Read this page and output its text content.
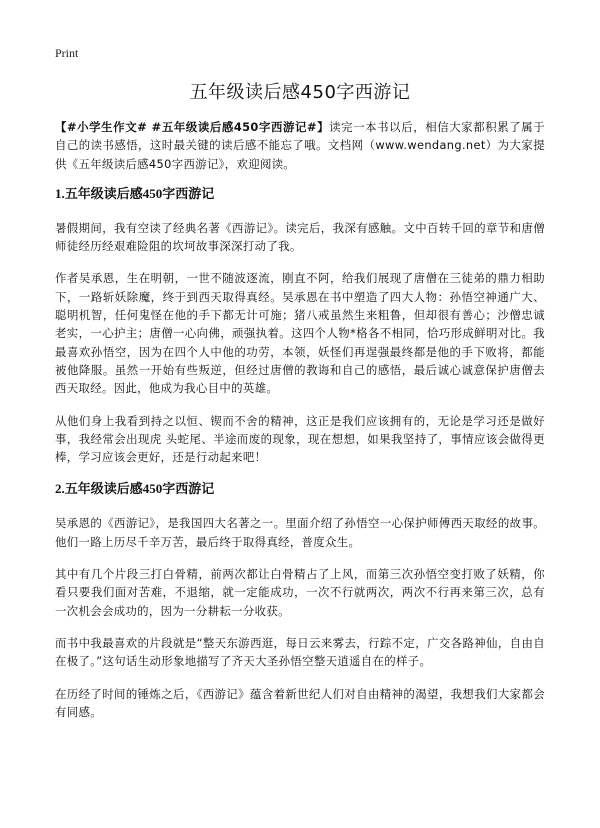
Print
五年级读后感450字西游记

【#小学生作文# #五年级读后感450字西游记#】读完一本书以后，相信大家都积累了属于自己的读书感悟，这时最关键的读后感不能忘了哦。文档网（www.wendang.net）为大家提供《五年级读后感450字西游记》，欢迎阅读。

1.五年级读后感450字西游记

暑假期间，我有空读了经典名著《西游记》。读完后，我深有感触。文中百转千回的章节和唐僧师徒经历经艰难险阻的坎坷故事深深打动了我。

作者吴承恩，生在明朝，一世不随波逐流，刚直不阿，给我们展现了唐僧在三徒弟的鼎力相助下，一路斩妖除魔，终于到西天取得真经。吴承恩在书中塑造了四大人物：孙悟空神通广大、聪明机智，任何鬼怪在他的手下都无计可施；猪八戒虽然生来粗鲁，但却很有善心；沙僧忠诚老实，一心护主；唐僧一心向佛，顽强执着。这四个人物*格各不相同，恰巧形成鲜明对比。我最喜欢孙悟空，因为在四个人中他的功劳，本领，妖怪们再逞强最终都是他的手下败将，都能被他降服。虽然一开始有些叛逆，但经过唐僧的教诲和自己的感悟，最后诚心诚意保护唐僧去西天取经。因此，他成为我心目中的英雄。

从他们身上我看到持之以恒、锲而不舍的精神，这正是我们应该拥有的，无论是学习还是做好事，我经常会出现虎 头蛇尾、半途而废的现象，现在想想，如果我坚持了，事情应该会做得更棒，学习应该会更好，还是行动起来吧！

2.五年级读后感450字西游记

吴承恩的《西游记》，是我国四大名著之一。里面介绍了孙悟空一心保护师傅西天取经的故事。他们一路上历尽千辛万苦，最后终于取得真经，普度众生。

其中有几个片段三打白骨精，前两次都让白骨精占了上风，而第三次孙悟空变打败了妖精，你看只要我们面对苦难，不退缩，就一定能成功，一次不行就两次，两次不行再来第三次，总有一次机会会成功的，因为一分耕耘一分收获。

而书中我最喜欢的片段就是“整天东游西逛，每日云来雾去，行踪不定，广交各路神仙，自由自在极了。”这句话生动形象地描写了齐天大圣孙悟空整天逍遥自在的样子。

在历经了时间的锤炼之后，《西游记》蕴含着新世纪人们对自由精神的渴望，我想我们大家都会有同感。
